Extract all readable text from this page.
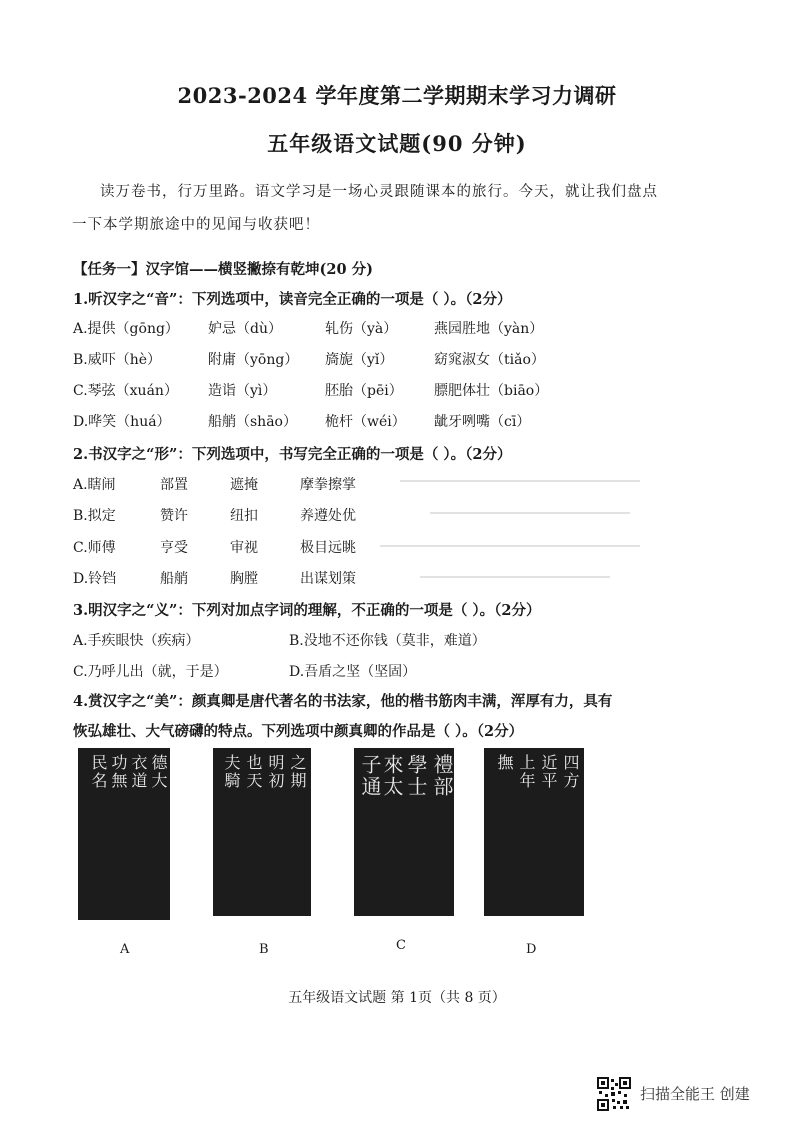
2023-2024 学年度第二学期期末学习力调研
五年级语文试题(90 分钟)
读万卷书，行万里路。语文学习是一场心灵跟随课本的旅行。今天，就让我们盘点
一下本学期旅途中的见闻与收获吧！
【任务一】汉字馆——横竖撇捺有乾坤(20 分)
1.听汉字之“音”：下列选项中，读音完全正确的一项是（ ）。（2分）
A.提供（gōng） 妒忌（dù）	轧伤（yà）	燕园胜地（yàn）
B.威吓（hè）	附庸（yōng） 旖旎（yǐ）	窈窕淑女（tiǎo）
C.琴弦（xuán） 造诣（yì）	胚胎（pēi） 膘肥体壮（biāo）
D.哗笑（huá）	船艄（shāo） 桅杆（wéi） 龇牙咧嘴（cī）
2.书汉字之“形”：下列选项中，书写完全正确的一项是（ ）。（2分）
A.瞎闹	部置	遮掩	摩拳擦掌
B.拟定	赞许	纽扣	养遵处优
C.师傅	亨受	审视	极目远眺
D.铃铛	船艄	胸膛	出谋划策
3.明汉字之“义”：下列对加点字词的理解，不正确的一项是（ ）。（2分）
A.手疾眼快（疾病）	B.没地不还你钱（莫非，难道）
C.乃呼儿出（就，于是）	D.吾盾之坚（坚固）
4.赏汉字之“美”：颜真卿是唐代著名的书法家，他的楷书筋肉丰满，浑厚有力，具有
恢弘雄壮、大气磅礴的特点。下列选项中颜真卿的作品是（ ）。（2分）
德大
衣道
功無
民名
A
之期
明初
也天
夫騎
B
禮部
學士
來太
子通
C
四方
近平
上年
撫
D
五年级语文试题 第 1页（共 8 页）
扫描全能王 创建
